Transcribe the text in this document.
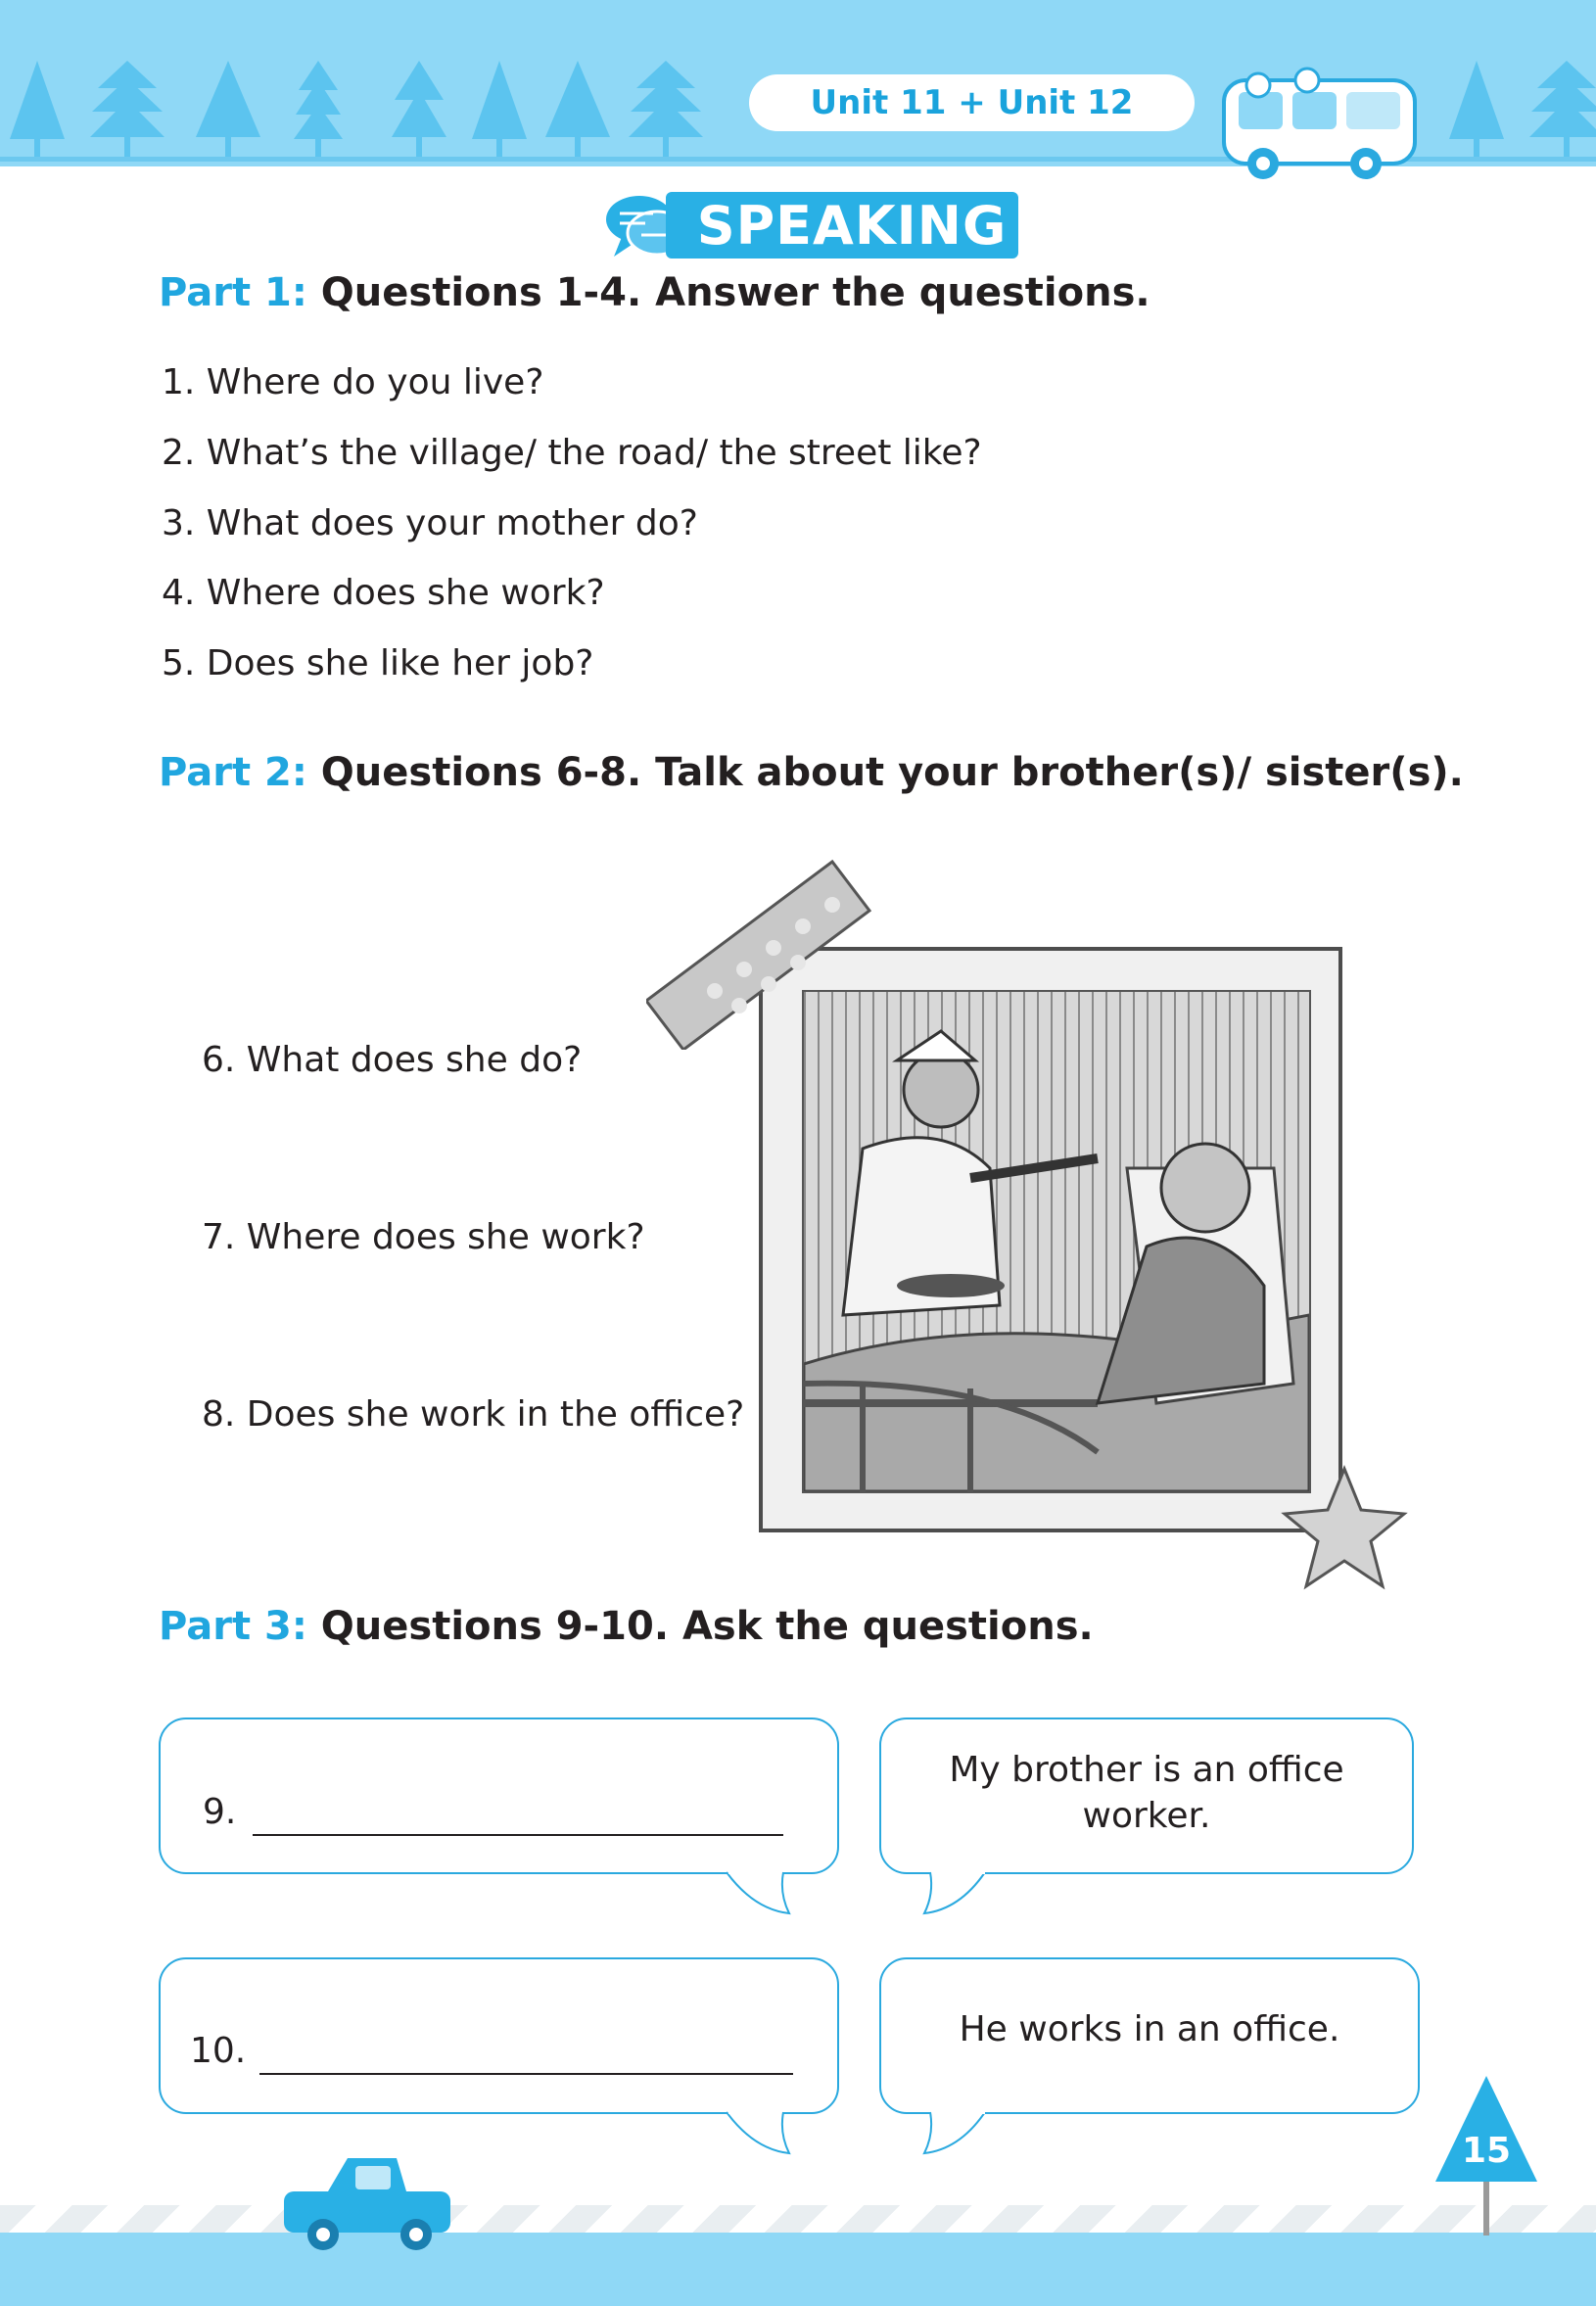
Unit 11 + Unit 12
SPEAKING
Part 1: Questions 1-4. Answer the questions.
1. Where do you live?
2. What’s the village/ the road/ the street like?
3. What does your mother do?
4. Where does she work?
5. Does she like her job?
Part 2: Questions 6-8. Talk about your brother(s)/ sister(s).
6. What does she do?
7. Where does she work?
8. Does she work in the office?
Part 3: Questions 9-10. Ask the questions.
9.
My brother is an office
worker.
10.
He works in an office.
15
